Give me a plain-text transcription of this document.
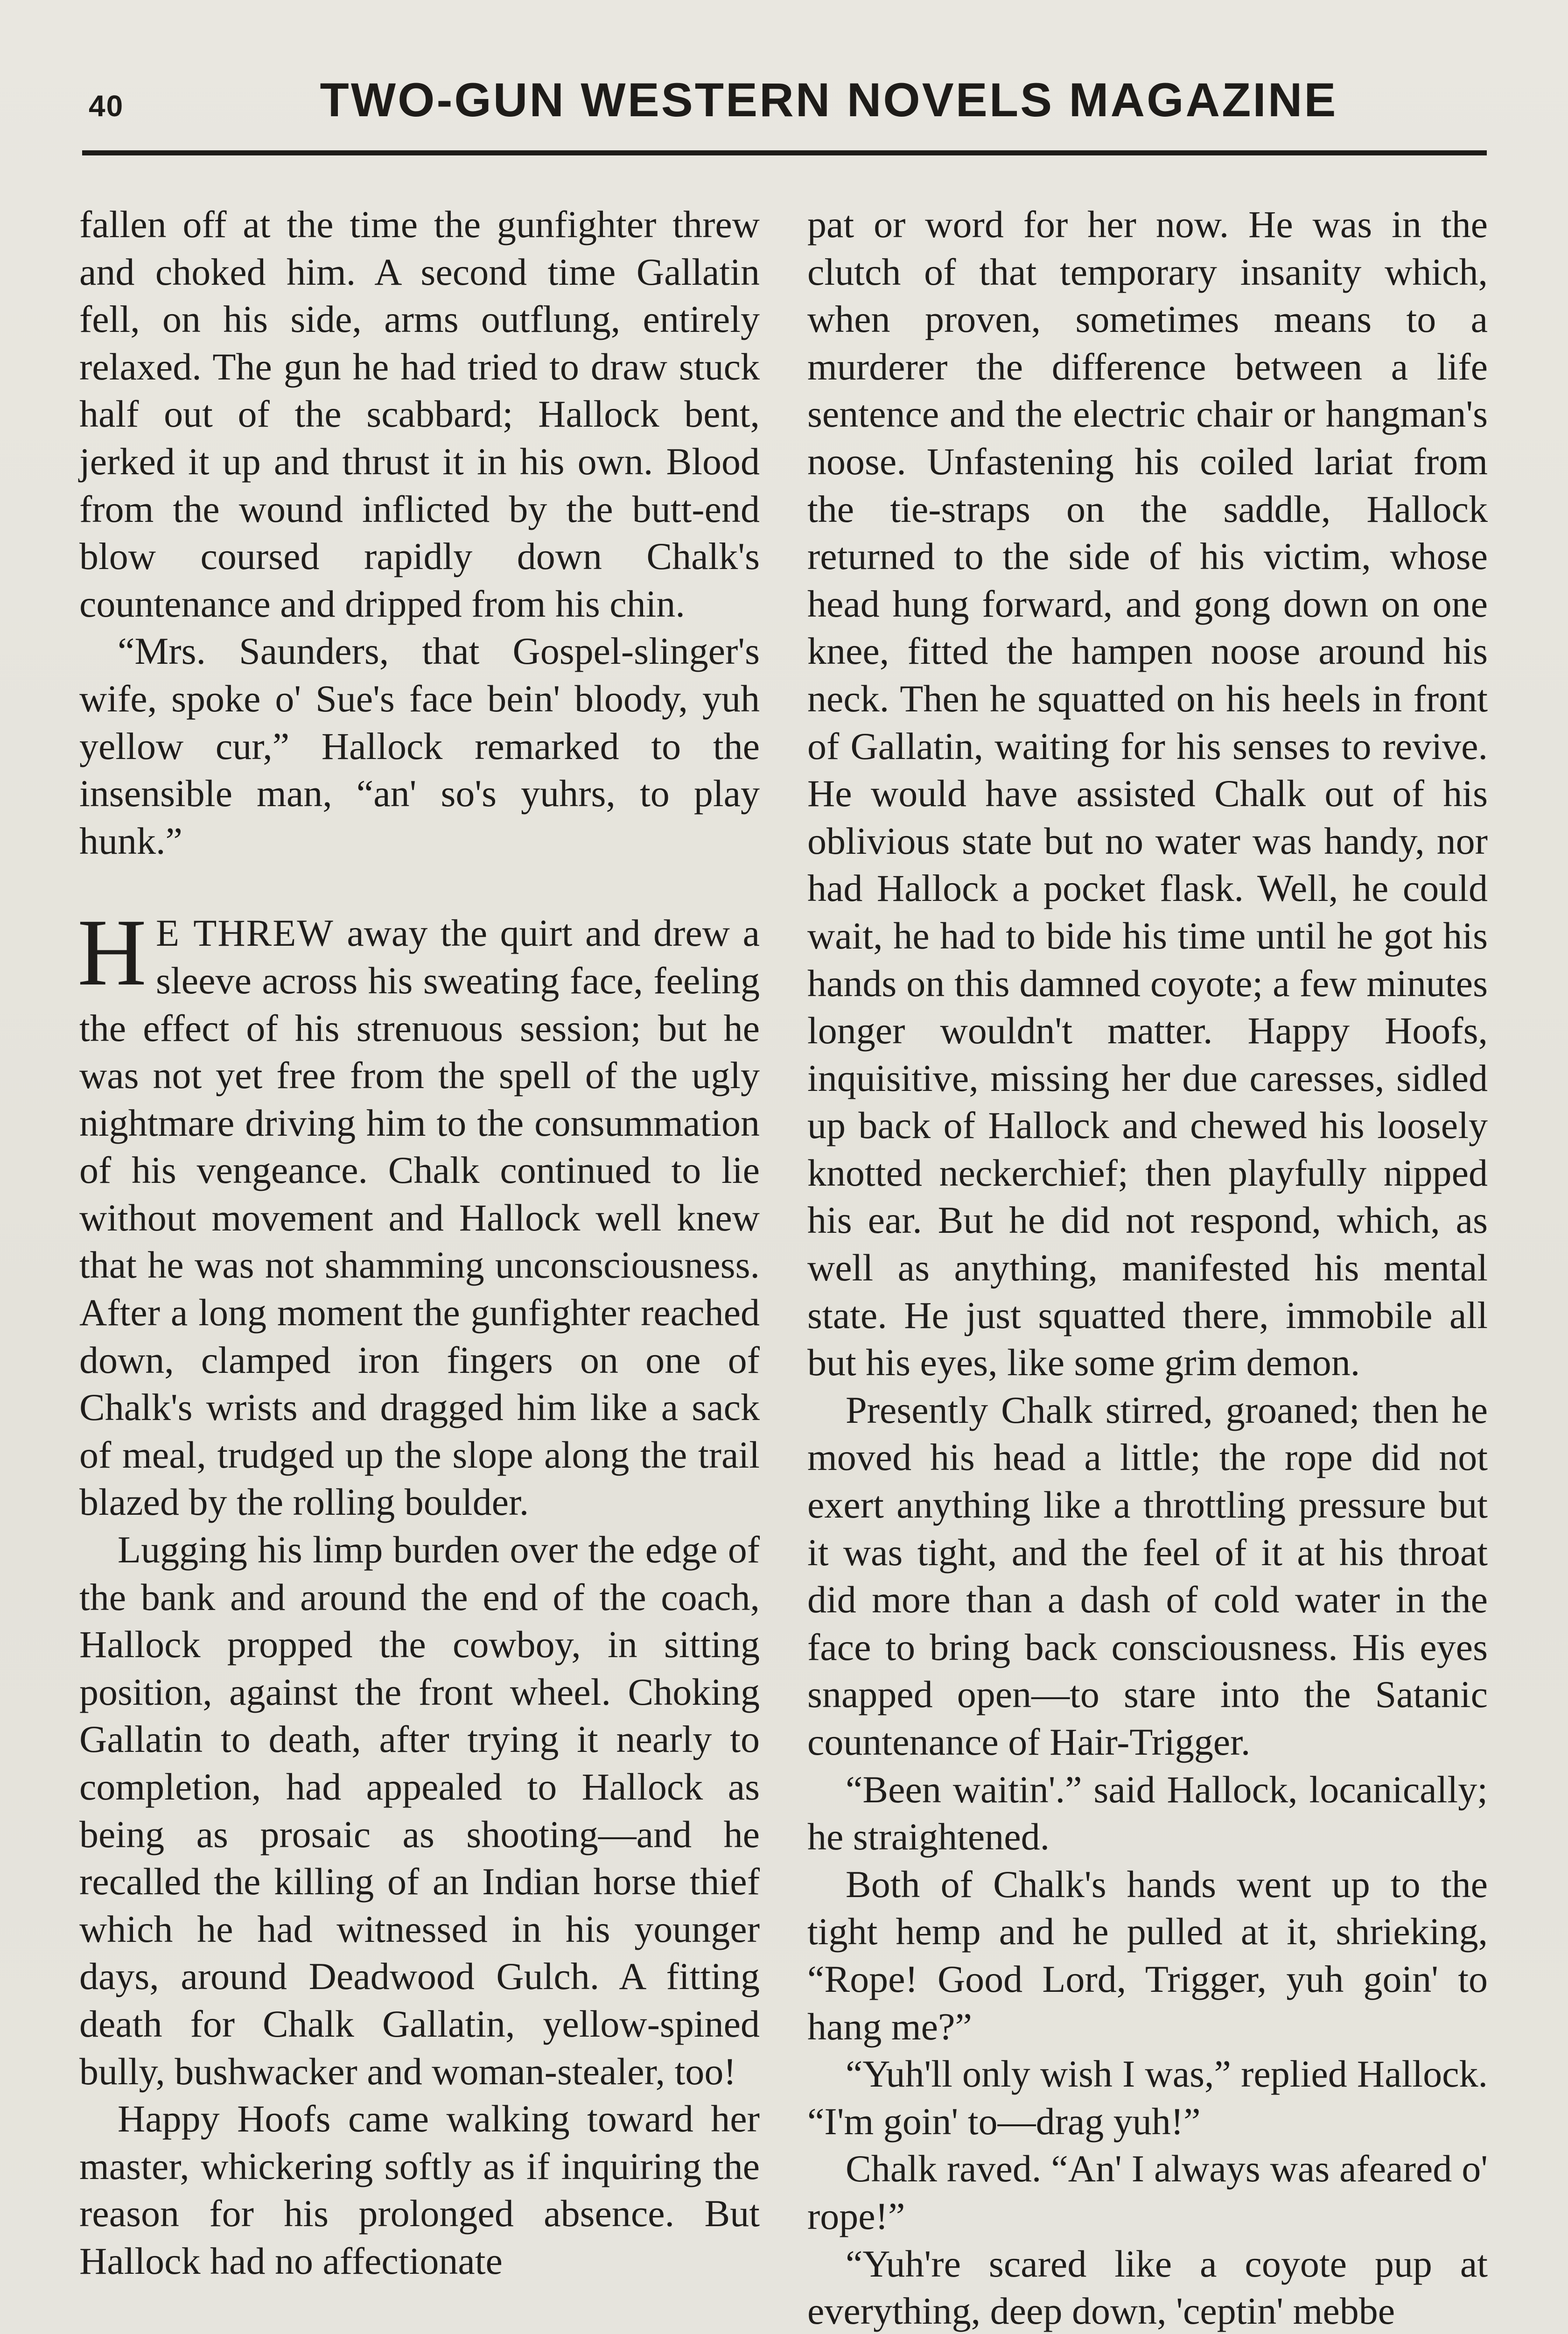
40	TWO-GUN WESTERN NOVELS MAGAZINE

fallen off at the time the gunfighter threw and choked him. A second time Gallatin fell, on his side, arms outflung, entirely relaxed. The gun he had tried to draw stuck half out of the scabbard; Hallock bent, jerked it up and thrust it in his own. Blood from the wound inflicted by the butt-end blow coursed rapidly down Chalk's countenance and dripped from his chin.

“Mrs. Saunders, that Gospel-slinger's wife, spoke o' Sue's face bein' bloody, yuh yellow cur,” Hallock remarked to the insensible man, “an' so's yuhrs, to play hunk.”

H E THREW away the quirt and drew a sleeve across his sweating face, feeling the effect of his strenuous session; but he was not yet free from the spell of the ugly nightmare driving him to the consummation of his vengeance. Chalk continued to lie without movement and Hallock well knew that he was not shamming unconsciousness. After a long moment the gunfighter reached down, clamped iron fingers on one of Chalk's wrists and dragged him like a sack of meal, trudged up the slope along the trail blazed by the rolling boulder.

Lugging his limp burden over the edge of the bank and around the end of the coach, Hallock propped the cowboy, in sitting position, against the front wheel. Choking Gallatin to death, after trying it nearly to completion, had appealed to Hallock as being as prosaic as shooting—and he recalled the killing of an Indian horse thief which he had witnessed in his younger days, around Deadwood Gulch. A fitting death for Chalk Gallatin, yellow-spined bully, bushwacker and woman-stealer, too!

Happy Hoofs came walking toward her master, whickering softly as if inquiring the reason for his prolonged absence. But Hallock had no affectionate

pat or word for her now. He was in the clutch of that temporary insanity which, when proven, sometimes means to a murderer the difference between a life sentence and the electric chair or hangman's noose. Unfastening his coiled lariat from the tie-straps on the saddle, Hallock returned to the side of his victim, whose head hung forward, and gong down on one knee, fitted the hampen noose around his neck. Then he squatted on his heels in front of Gallatin, waiting for his senses to revive. He would have assisted Chalk out of his oblivious state but no water was handy, nor had Hallock a pocket flask. Well, he could wait, he had to bide his time until he got his hands on this damned coyote; a few minutes longer wouldn't matter. Happy Hoofs, inquisitive, missing her due caresses, sidled up back of Hallock and chewed his loosely knotted neckerchief; then playfully nipped his ear. But he did not respond, which, as well as anything, manifested his mental state. He just squatted there, immobile all but his eyes, like some grim demon.

Presently Chalk stirred, groaned; then he moved his head a little; the rope did not exert anything like a throttling pressure but it was tight, and the feel of it at his throat did more than a dash of cold water in the face to bring back consciousness. His eyes snapped open—to stare into the Satanic countenance of Hair-Trigger.

“Been waitin'.” said Hallock, locanically; he straightened.

Both of Chalk's hands went up to the tight hemp and he pulled at it, shrieking, “Rope! Good Lord, Trigger, yuh goin' to hang me?”

“Yuh'll only wish I was,” replied Hallock. “I'm goin' to—drag yuh!”

Chalk raved. “An' I always was afeared o' rope!”

“Yuh're scared like a coyote pup at everything, deep down, 'ceptin' mebbe
